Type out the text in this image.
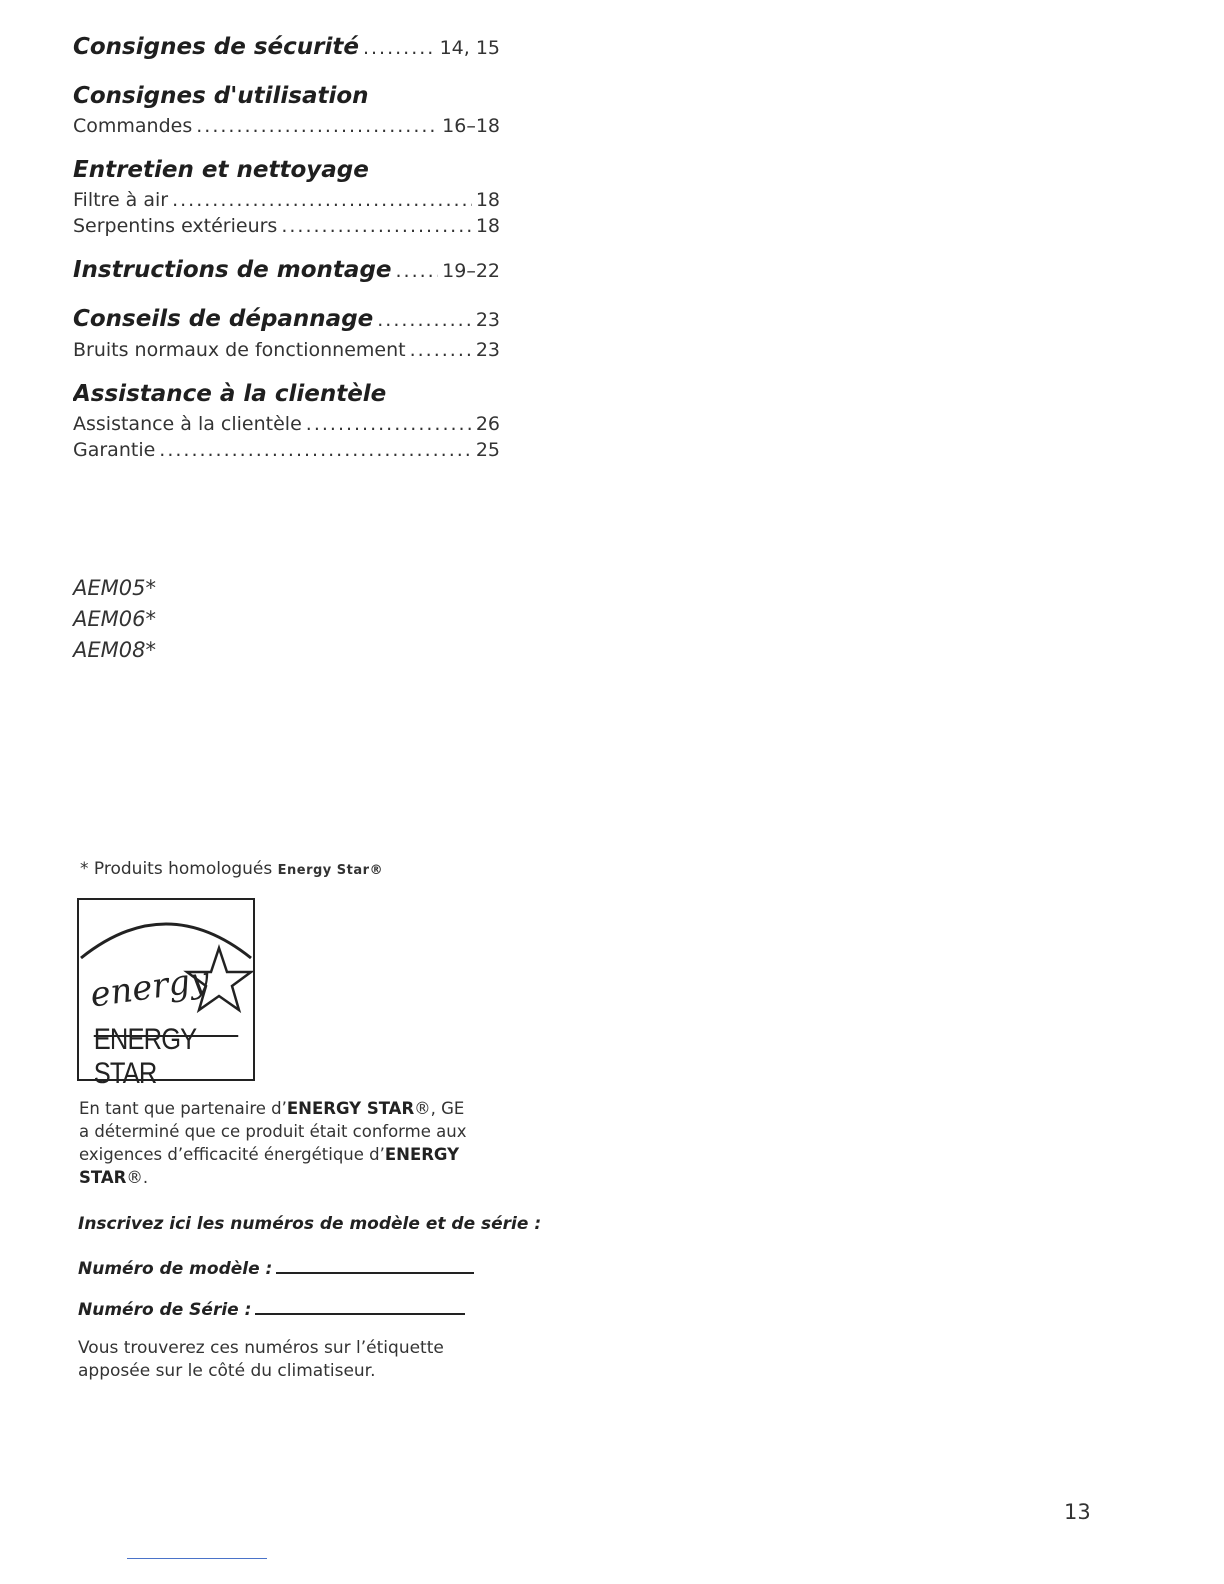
Consignes de sécurité .....	14, 15
Consignes d'utilisation
Commandes .....	16–18
Entretien et nettoyage
Filtre à air .....	18
Serpentins extérieurs .....	18
Instructions de montage .....	19–22
Conseils de dépannage .....	23
Bruits normaux de fonctionnement .....	23
Assistance à la clientèle
Assistance à la clientèle .....	26
Garantie .....	25
AEM05*
AEM06*
AEM08*
* Produits homologués Energy Star®
energy
ENERGY STAR
En tant que partenaire d’ENERGY STAR®, GE a déterminé que ce produit était conforme aux exigences d’efficacité énergétique d’ENERGY STAR®.
Inscrivez ici les numéros de modèle et de série :
Numéro de modèle :
Numéro de Série :
Vous trouverez ces numéros sur l’étiquette apposée sur le côté du climatiseur.
13
